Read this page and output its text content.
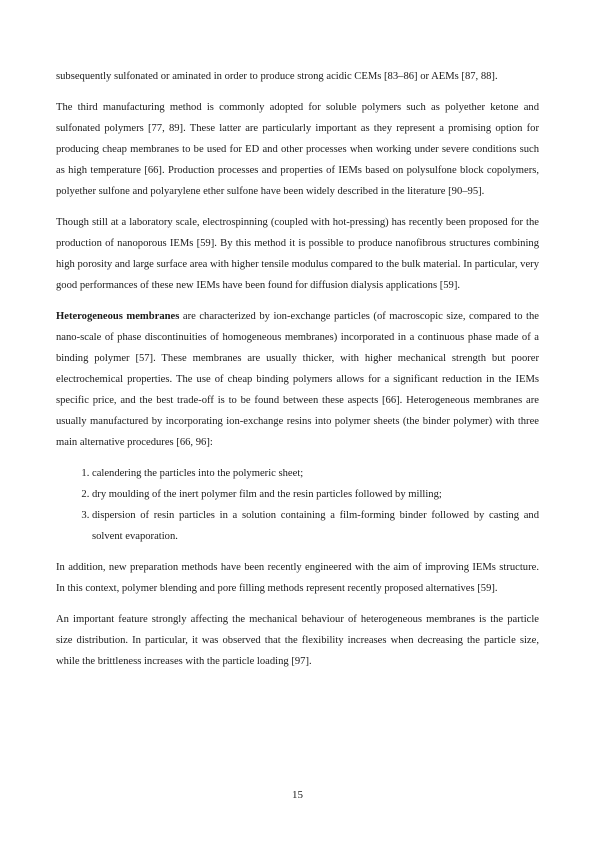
subsequently sulfonated or aminated in order to produce strong acidic CEMs [83–86] or AEMs [87, 88].

The third manufacturing method is commonly adopted for soluble polymers such as polyether ketone and sulfonated polymers [77, 89]. These latter are particularly important as they represent a promising option for producing cheap membranes to be used for ED and other processes when working under severe conditions such as high temperature [66]. Production processes and properties of IEMs based on polysulfone block copolymers, polyether sulfone and polyarylene ether sulfone have been widely described in the literature [90–95].

Though still at a laboratory scale, electrospinning (coupled with hot-pressing) has recently been proposed for the production of nanoporous IEMs [59]. By this method it is possible to produce nanofibrous structures combining high porosity and large surface area with higher tensile modulus compared to the bulk material. In particular, very good performances of these new IEMs have been found for diffusion dialysis applications [59].

Heterogeneous membranes are characterized by ion-exchange particles (of macroscopic size, compared to the nano-scale of phase discontinuities of homogeneous membranes) incorporated in a continuous phase made of a binding polymer [57]. These membranes are usually thicker, with higher mechanical strength but poorer electrochemical properties. The use of cheap binding polymers allows for a significant reduction in the IEMs specific price, and the best trade-off is to be found between these aspects [66]. Heterogeneous membranes are usually manufactured by incorporating ion-exchange resins into polymer sheets (the binder polymer) with three main alternative procedures [66, 96]:

1. calendering the particles into the polymeric sheet;
2. dry moulding of the inert polymer film and the resin particles followed by milling;
3. dispersion of resin particles in a solution containing a film-forming binder followed by casting and solvent evaporation.

In addition, new preparation methods have been recently engineered with the aim of improving IEMs structure. In this context, polymer blending and pore filling methods represent recently proposed alternatives [59].

An important feature strongly affecting the mechanical behaviour of heterogeneous membranes is the particle size distribution. In particular, it was observed that the flexibility increases when decreasing the particle size, while the brittleness increases with the particle loading [97].

15
